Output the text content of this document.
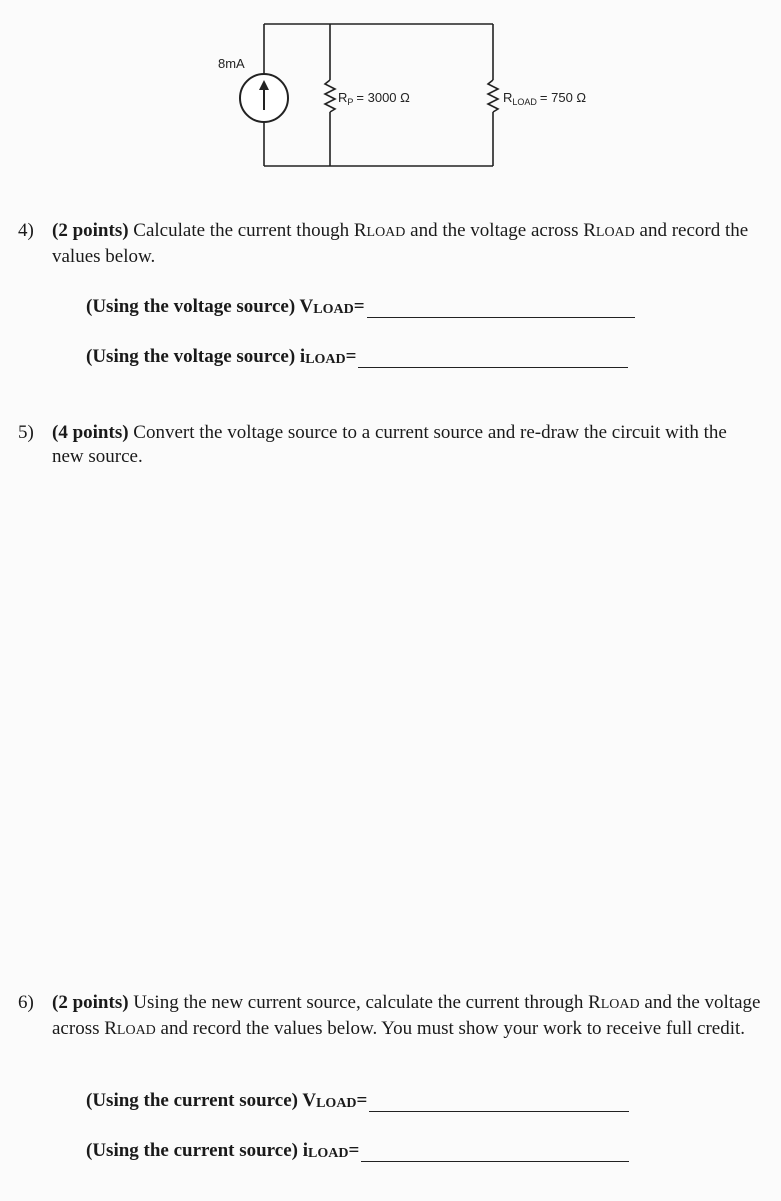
8mA
$R_P = 3000$ Ω	$R_{LOAD} = 750$ Ω
4) (2 points) Calculate the current though RLOAD and the voltage across RLOAD and record the values below.
(Using the voltage source) V LOAD =
(Using the voltage source) i LOAD =
5) (4 points) Convert the voltage source to a current source and re-draw the circuit with the new source.
6) (2 points) Using the new current source, calculate the current through RLOAD and the voltage across RLOAD and record the values below. You must show your work to receive full credit.
(Using the current source) V LOAD =
(Using the current source) i LOAD =
